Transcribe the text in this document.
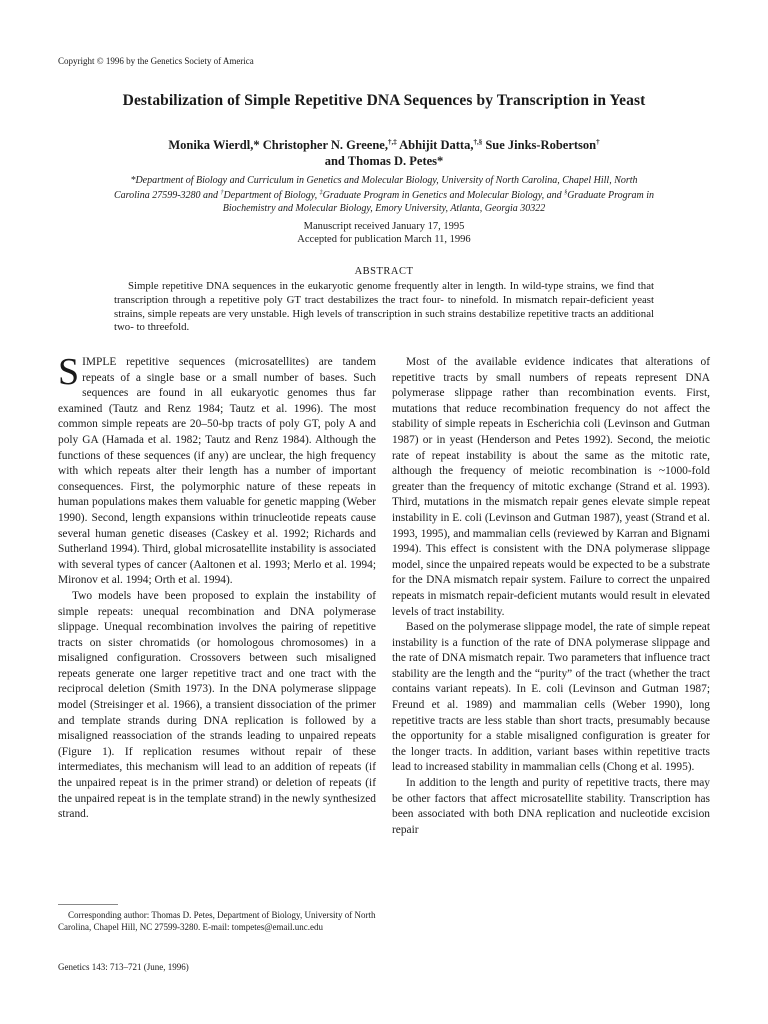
Copyright © 1996 by the Genetics Society of America
Destabilization of Simple Repetitive DNA Sequences by Transcription in Yeast
Monika Wierdl,* Christopher N. Greene,†,‡ Abhijit Datta,†,§ Sue Jinks-Robertson†
and Thomas D. Petes*
*Department of Biology and Curriculum in Genetics and Molecular Biology, University of North Carolina, Chapel Hill, North
Carolina 27599-3280 and †Department of Biology, ‡Graduate Program in Genetics and Molecular Biology, and §Graduate Program in
Biochemistry and Molecular Biology, Emory University, Atlanta, Georgia 30322
Manuscript received January 17, 1995
Accepted for publication March 11, 1996
ABSTRACT
Simple repetitive DNA sequences in the eukaryotic genome frequently alter in length. In wild-type strains, we find that transcription through a repetitive poly GT tract destabilizes the tract four- to ninefold. In mismatch repair-deficient yeast strains, simple repeats are very unstable. High levels of transcription in such strains destabilize repetitive tracts an additional two- to threefold.

SIMPLE repetitive sequences (microsatellites) are tandem repeats of a single base or a small number of bases. Such sequences are found in all eukaryotic genomes thus far examined (Tautz and Renz 1984; Tautz et al. 1996). The most common simple repeats are 20–50-bp tracts of poly GT, poly A and poly GA (Hamada et al. 1982; Tautz and Renz 1984). Although the functions of these sequences (if any) are unclear, the high frequency with which repeats alter their length has a number of important consequences. First, the polymorphic nature of these repeats in human populations makes them valuable for genetic mapping (Weber 1990). Second, length expansions within trinucleotide repeats cause several human genetic diseases (Caskey et al. 1992; Richards and Sutherland 1994). Third, global microsatellite instability is associated with several types of cancer (Aaltonen et al. 1993; Merlo et al. 1994; Mironov et al. 1994; Orth et al. 1994).

Two models have been proposed to explain the instability of simple repeats: unequal recombination and DNA polymerase slippage. Unequal recombination involves the pairing of repetitive tracts on sister chromatids (or homologous chromosomes) in a misaligned configuration. Crossovers between such misaligned repeats generate one larger repetitive tract and one tract with the reciprocal deletion (Smith 1973). In the DNA polymerase slippage model (Streisinger et al. 1966), a transient dissociation of the primer and template strands during DNA replication is followed by a misaligned reassociation of the strands leading to unpaired repeats (Figure 1). If replication resumes without repair of these intermediates, this mechanism will lead to an addition of repeats (if the unpaired repeat is in the primer strand) or deletion of repeats (if the unpaired repeat is in the template strand) in the newly synthesized strand.

Corresponding author: Thomas D. Petes, Department of Biology, University of North Carolina, Chapel Hill, NC 27599-3280. E-mail: tompetes@email.unc.edu
Genetics 143: 713–721 (June, 1996)

Most of the available evidence indicates that alterations of repetitive tracts by small numbers of repeats represent DNA polymerase slippage rather than recombination events. First, mutations that reduce recombination frequency do not affect the stability of simple repeats in Escherichia coli (Levinson and Gutman 1987) or in yeast (Henderson and Petes 1992). Second, the meiotic rate of repeat instability is about the same as the mitotic rate, although the frequency of meiotic recombination is ~1000-fold greater than the frequency of mitotic exchange (Strand et al. 1993). Third, mutations in the mismatch repair genes elevate simple repeat instability in E. coli (Levinson and Gutman 1987), yeast (Strand et al. 1993, 1995), and mammalian cells (reviewed by Karran and Bignami 1994). This effect is consistent with the DNA polymerase slippage model, since the unpaired repeats would be expected to be a substrate for the DNA mismatch repair system. Failure to correct the unpaired repeats in mismatch repair-deficient mutants would result in elevated levels of tract instability.

Based on the polymerase slippage model, the rate of simple repeat instability is a function of the rate of DNA polymerase slippage and the rate of DNA mismatch repair. Two parameters that influence tract stability are the length and the “purity” of the tract (whether the tract contains variant repeats). In E. coli (Levinson and Gutman 1987; Freund et al. 1989) and mammalian cells (Weber 1990), long repetitive tracts are less stable than short tracts, presumably because the opportunity for a stable misaligned configuration is greater for the longer tracts. In addition, variant bases within repetitive tracts lead to increased stability in mammalian cells (Chong et al. 1995).

In addition to the length and purity of repetitive tracts, there may be other factors that affect microsatellite stability. Transcription has been associated with both DNA replication and nucleotide excision repair
